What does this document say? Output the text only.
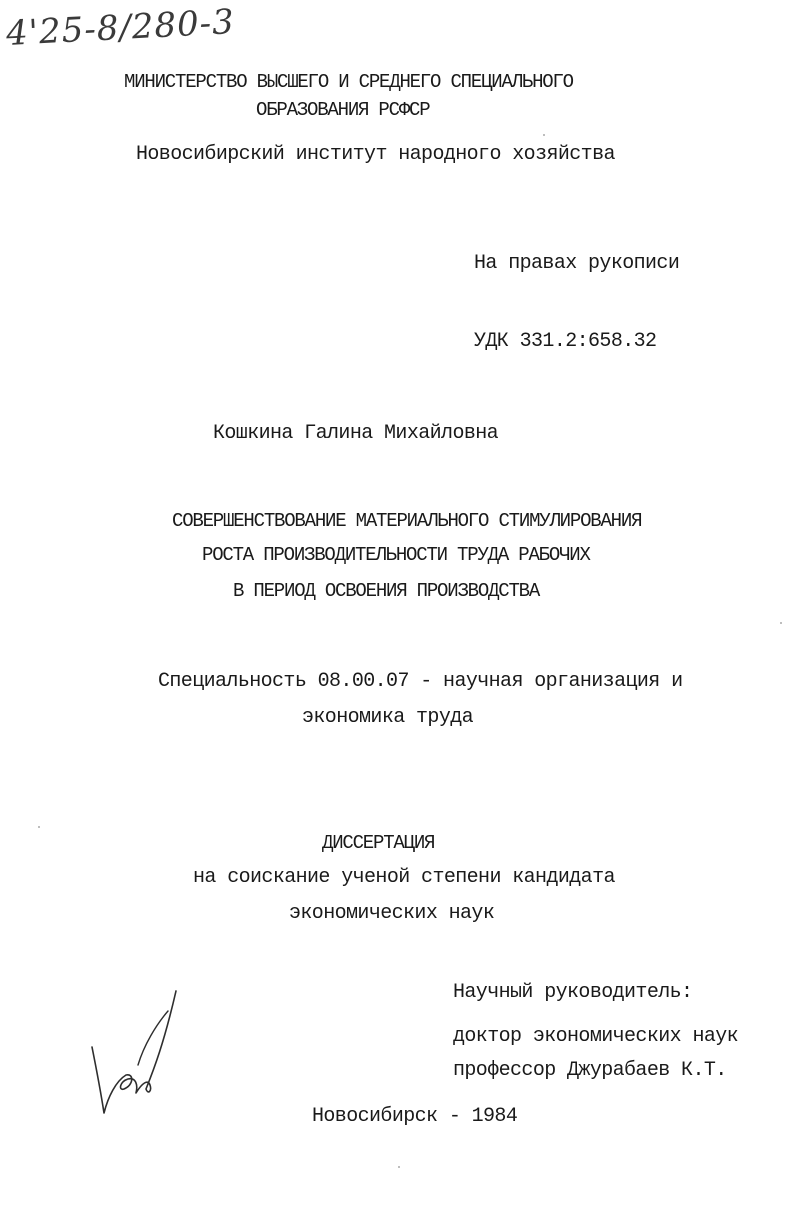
4'25-8/280-3
МИНИСТЕРСТВО ВЫСШЕГО И СРЕДНЕГО СПЕЦИАЛЬНОГО
ОБРАЗОВАНИЯ РСФСР
Новосибирский институт народного хозяйства
На правах рукописи
УДК 331.2:658.32
Кошкина Галина Михайловна
СОВЕРШЕНСТВОВАНИЕ МАТЕРИАЛЬНОГО СТИМУЛИРОВАНИЯ
РОСТА ПРОИЗВОДИТЕЛЬНОСТИ ТРУДА РАБОЧИХ
В ПЕРИОД ОСВОЕНИЯ ПРОИЗВОДСТВА
Специальность 08.00.07 - научная организация и
экономика труда
ДИССЕРТАЦИЯ
на соискание ученой степени кандидата
экономических наук
Научный руководитель:
доктор экономических наук
профессор Джурабаев К.Т.
Новосибирск - 1984
